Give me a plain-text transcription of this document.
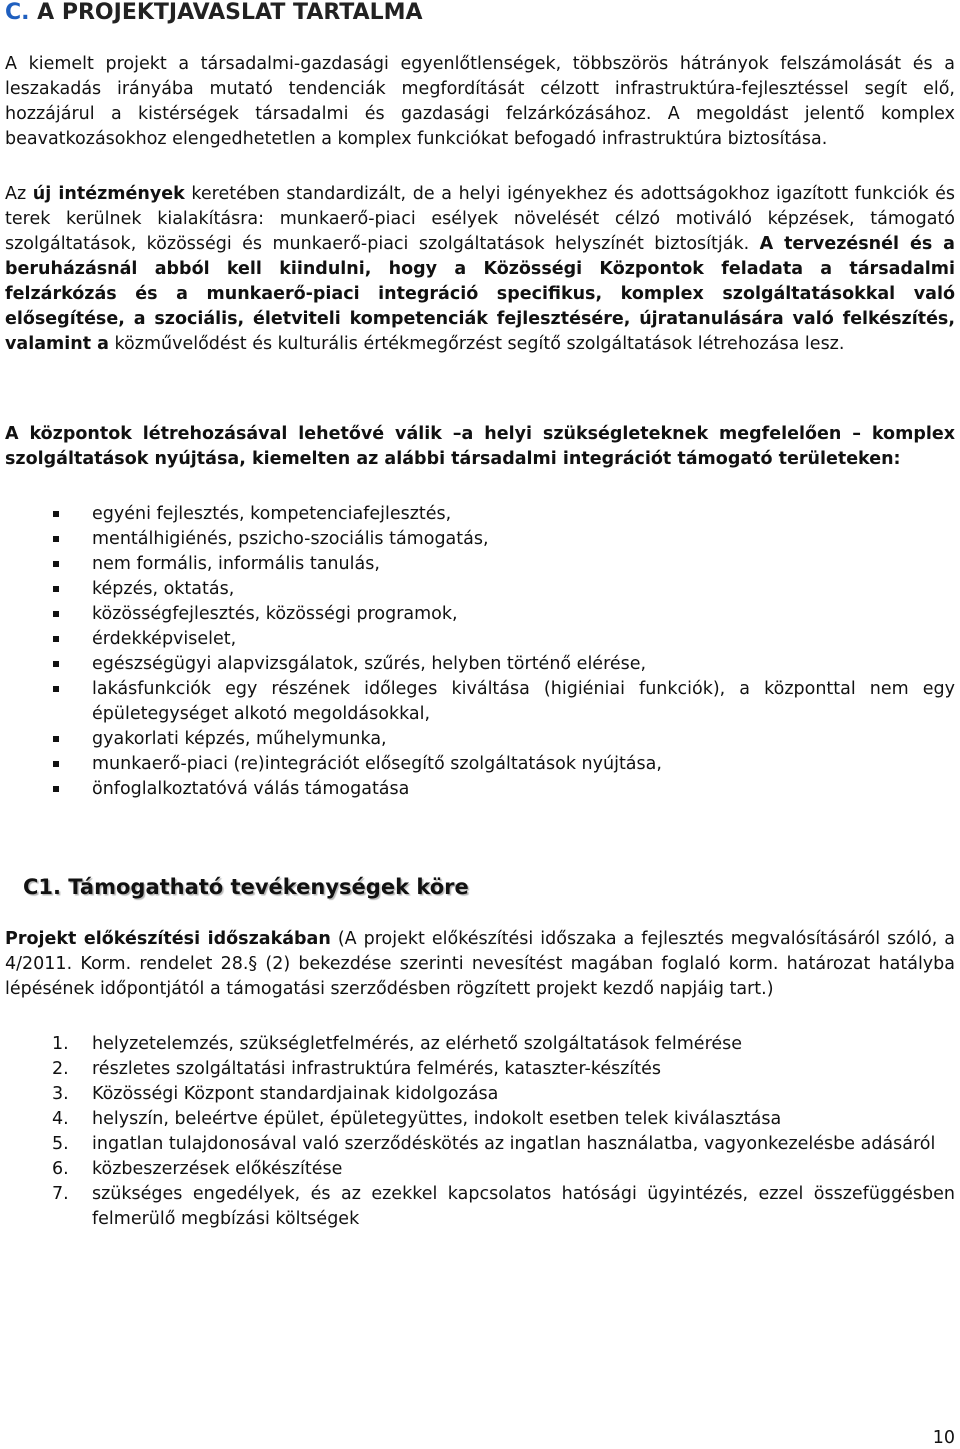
C. A PROJEKTJAVASLAT TARTALMA

A kiemelt projekt a társadalmi-gazdasági egyenlőtlenségek, többszörös hátrányok felszámolását és a leszakadás irányába mutató tendenciák megfordítását célzott infrastruktúra-fejlesztéssel segít elő, hozzájárul a kistérségek társadalmi és gazdasági felzárkózásához. A megoldást jelentő komplex beavatkozásokhoz elengedhetetlen a komplex funkciókat befogadó infrastruktúra biztosítása.

Az új intézmények keretében standardizált, de a helyi igényekhez és adottságokhoz igazított funkciók és terek kerülnek kialakításra: munkaerő-piaci esélyek növelését célzó motiváló képzések, támogató szolgáltatások, közösségi és munkaerő-piaci szolgáltatások helyszínét biztosítják. A tervezésnél és a beruházásnál abból kell kiindulni, hogy a Közösségi Központok feladata a társadalmi felzárkózás és a munkaerő-piaci integráció specifikus, komplex szolgáltatásokkal való elősegítése, a szociális, életviteli kompetenciák fejlesztésére, újratanulására való felkészítés, valamint a közművelődést és kulturális értékmegőrzést segítő szolgáltatások létrehozása lesz.

A központok létrehozásával lehetővé válik –a helyi szükségleteknek megfelelően – komplex szolgáltatások nyújtása, kiemelten az alábbi társadalmi integrációt támogató területeken:

egyéni fejlesztés, kompetenciafejlesztés,
mentálhigiénés, pszicho-szociális támogatás,
nem formális, informális tanulás,
képzés, oktatás,
közösségfejlesztés, közösségi programok,
érdekképviselet,
egészségügyi alapvizsgálatok, szűrés, helyben történő elérése,
lakásfunkciók egy részének időleges kiváltása (higiéniai funkciók), a központtal nem egy épületegységet alkotó megoldásokkal,
gyakorlati képzés, műhelymunka,
munkaerő-piaci (re)integrációt elősegítő szolgáltatások nyújtása,
önfoglalkoztatóvá válás támogatása
C1. Támogatható tevékenységek köre

Projekt előkészítési időszakában (A projekt előkészítési időszaka a fejlesztés megvalósításáról szóló, a 4/2011. Korm. rendelet 28.§ (2) bekezdése szerinti nevesítést magában foglaló korm. határozat hatályba lépésének időpontjától a támogatási szerződésben rögzített projekt kezdő napjáig tart.)

1. helyzetelemzés, szükségletfelmérés, az elérhető szolgáltatások felmérése
2. részletes szolgáltatási infrastruktúra felmérés, kataszter-készítés
3. Közösségi Központ standardjainak kidolgozása
4. helyszín, beleértve épület, épületegyüttes, indokolt esetben telek kiválasztása
5. ingatlan tulajdonosával való szerződéskötés az ingatlan használatba, vagyonkezelésbe adásáról
6. közbeszerzések előkészítése
7. szükséges engedélyek, és az ezekkel kapcsolatos hatósági ügyintézés, ezzel összefüggésben felmerülő megbízási költségek
10
